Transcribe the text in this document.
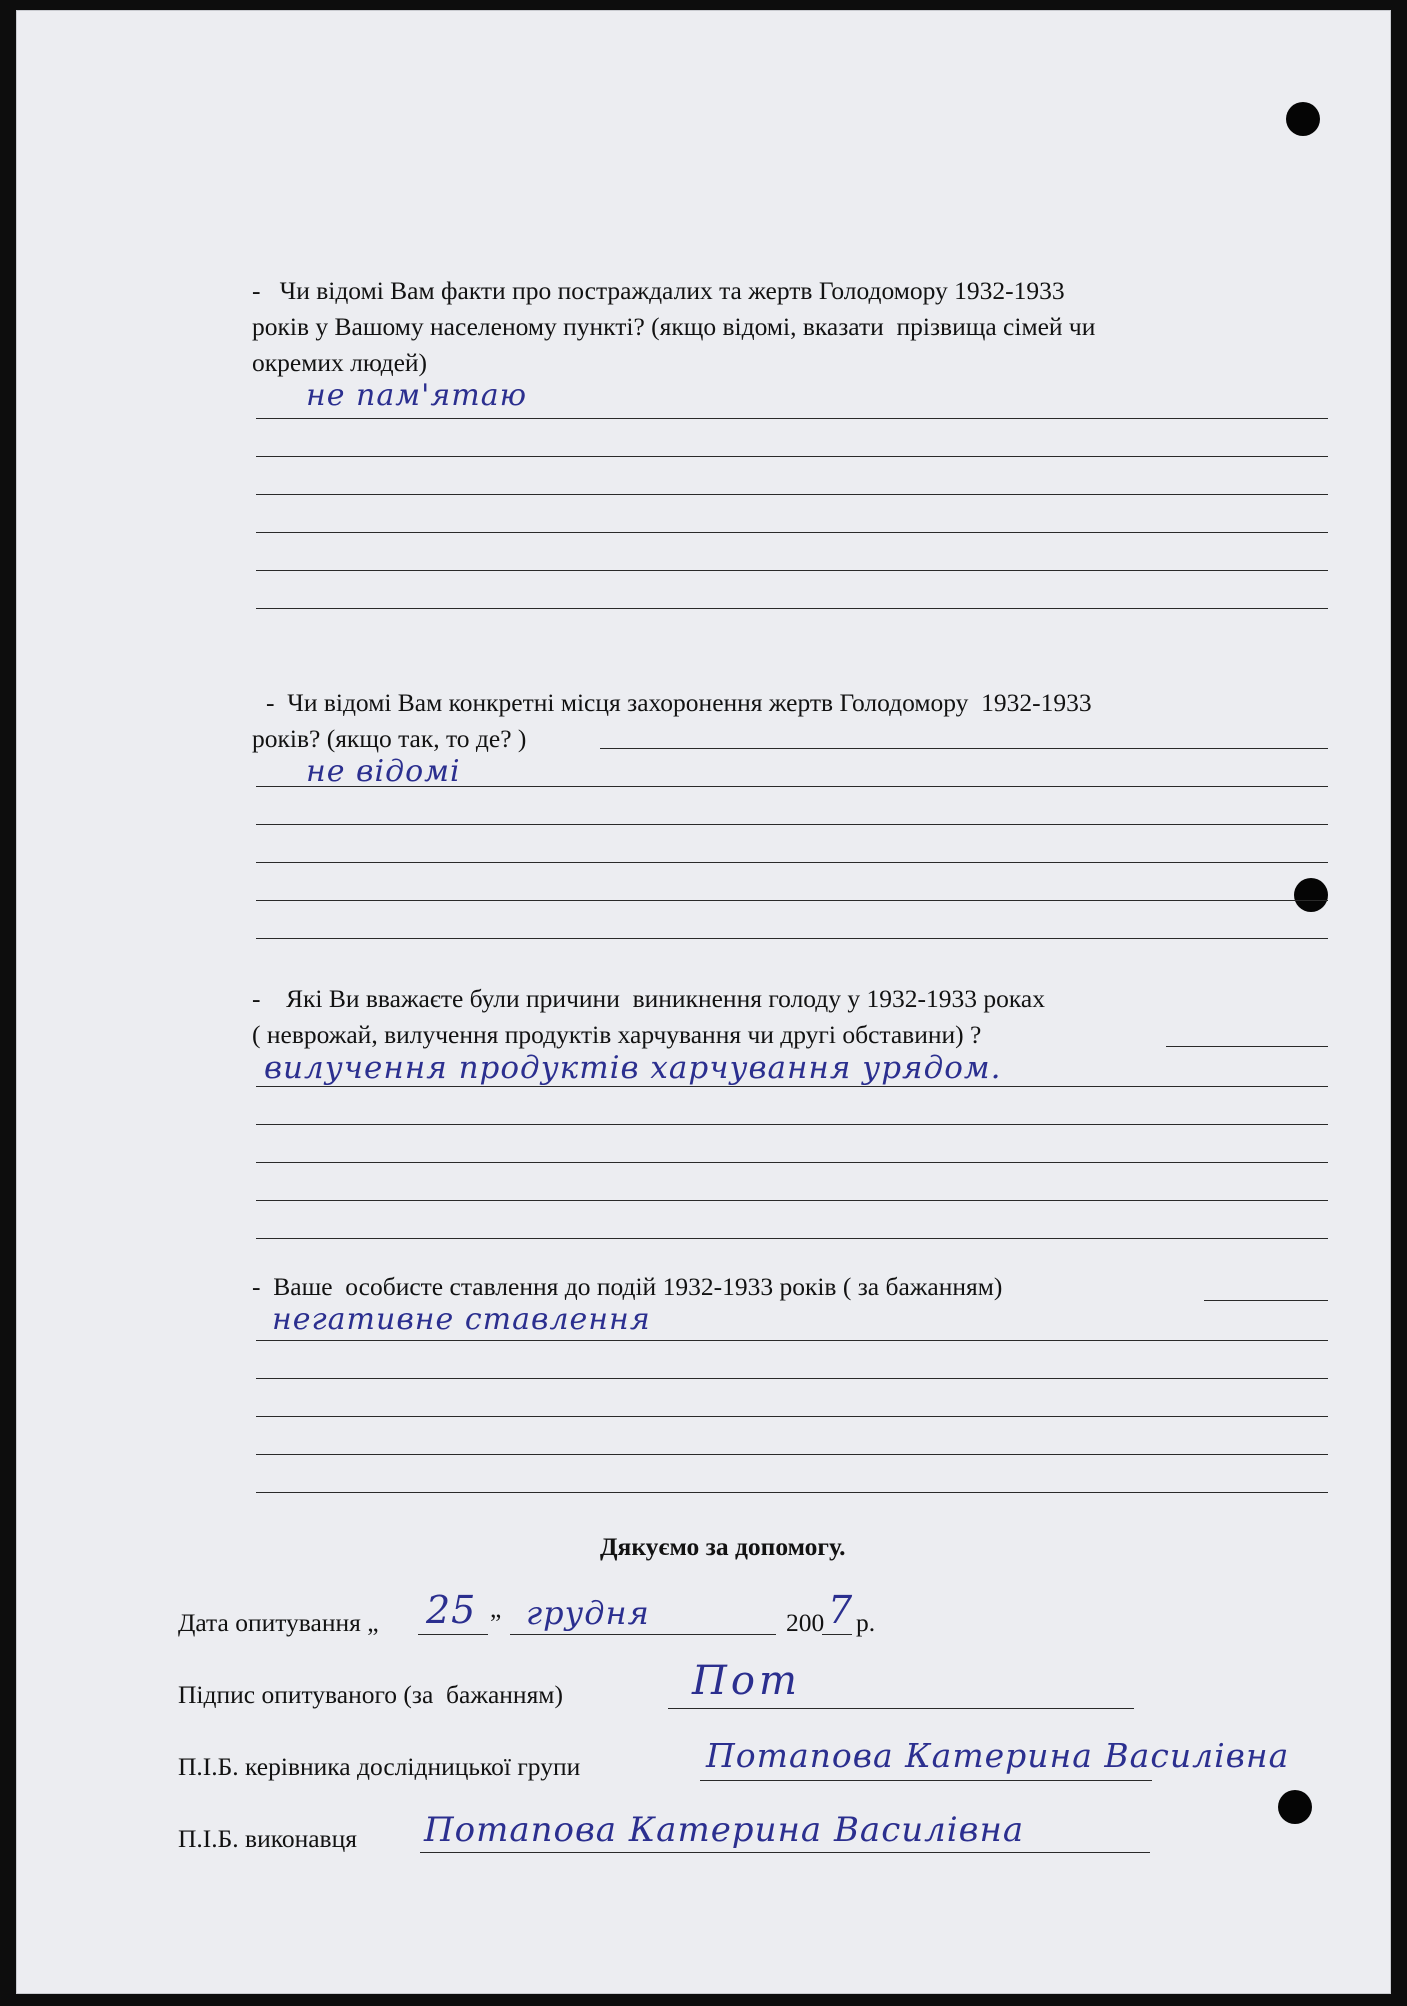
-   Чи відомі Вам факти про постраждалих та жертв Голодомору 1932-1933
років у Вашому населеному пункті? (якщо відомі, вказати  прізвища сімей чи
окремих людей)
не пам'ятаю
-  Чи відомі Вам конкретні місця захоронення жертв Голодомору  1932-1933
років? (якщо так, то де? )
не відомі
-    Які Ви вважаєте були причини  виникнення голоду у 1932-1933 роках
( неврожай, вилучення продуктів харчування чи другі обставини) ?
вилучення продуктів харчування урядом.
-  Ваше  особисте ставлення до подій 1932-1933 років ( за бажанням)
негативне ставлення
Дякуємо за допомогу.
Дата опитування „ 25 ” грудня	200 7 р.
Підпис опитуваного (за  бажанням)	Пот
П.І.Б. керівника дослідницької групи	Потапова Катерина Василівна
П.І.Б. виконавця Потапова Катерина Василівна
